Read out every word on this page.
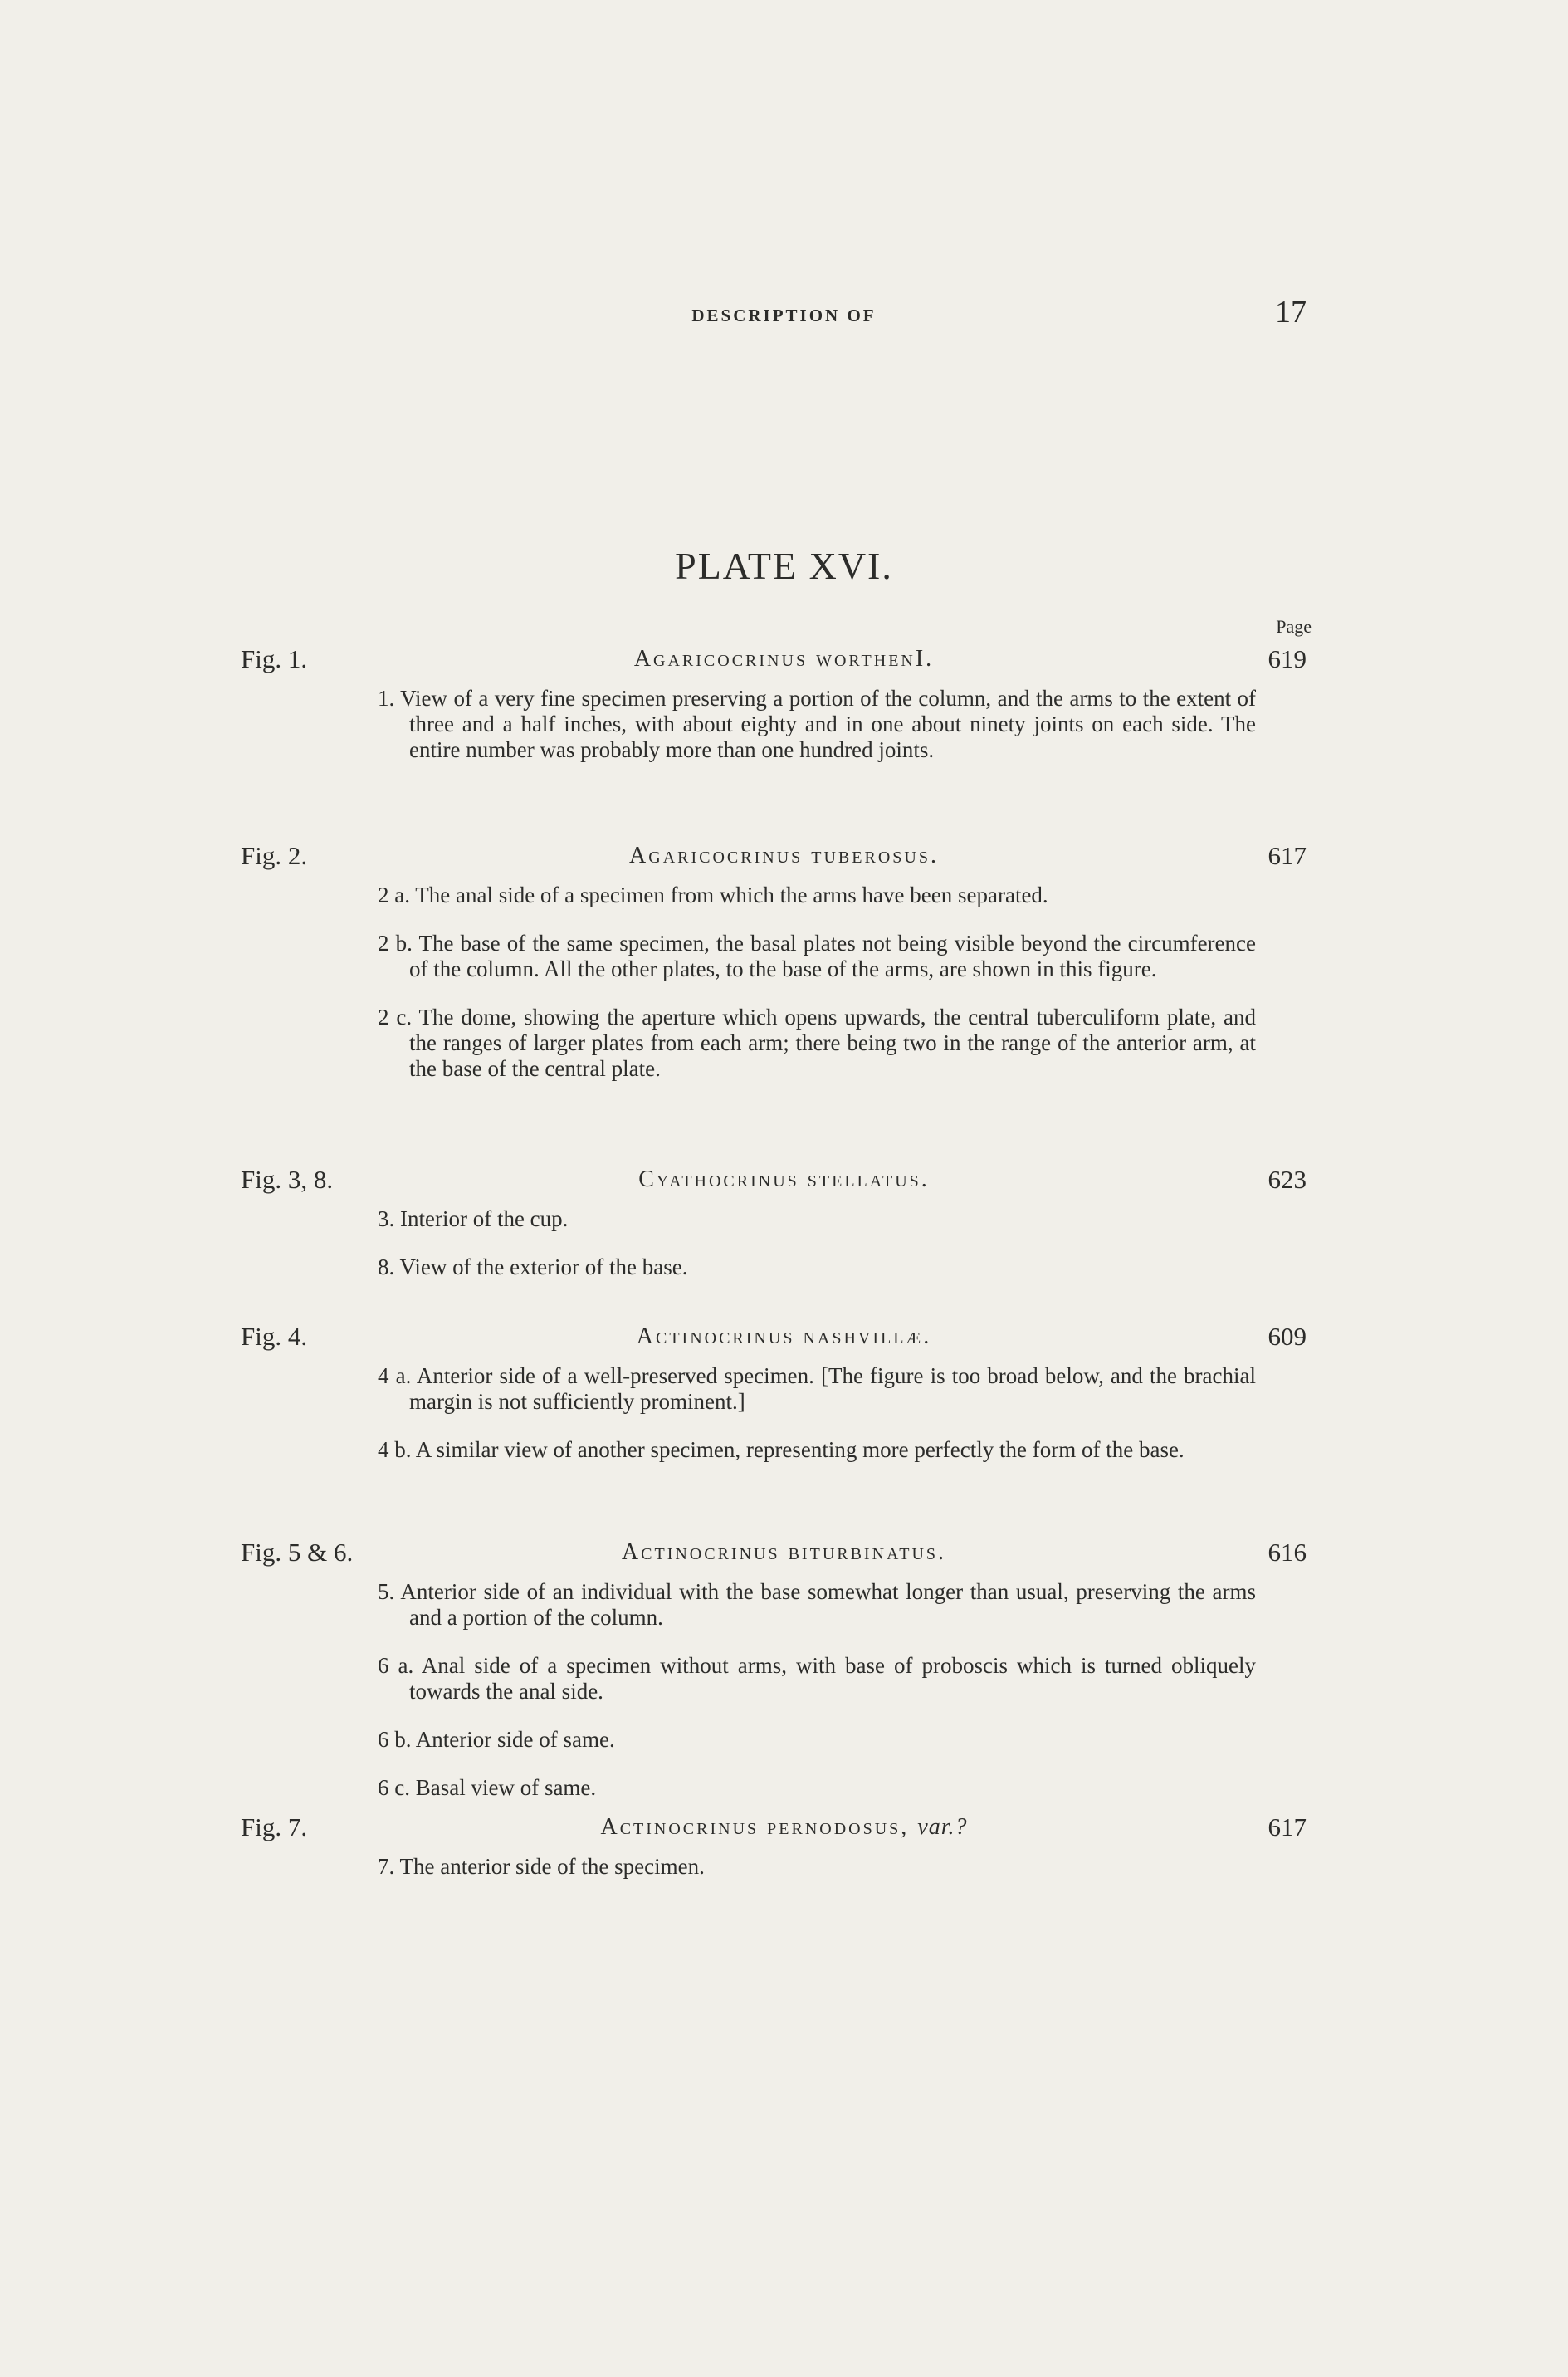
DESCRIPTION OF	17
PLATE XVI.
Page
Fig. 1.	Agaricocrinus worthenI.	619

1. View of a very fine specimen preserving a portion of the column, and the arms to the extent of three and a half inches, with about eighty and in one about ninety joints on each side. The entire number was probably more than one hundred joints.

Fig. 2.	Agaricocrinus tuberosus.	617

2 a. The anal side of a specimen from which the arms have been separated.

2 b. The base of the same specimen, the basal plates not being visible beyond the circumference of the column. All the other plates, to the base of the arms, are shown in this figure.

2 c. The dome, showing the aperture which opens upwards, the central tuberculiform plate, and the ranges of larger plates from each arm; there being two in the range of the anterior arm, at the base of the central plate.

Fig. 3, 8.	Cyathocrinus stellatus.	623

3. Interior of the cup.

8. View of the exterior of the base.

Fig. 4.	Actinocrinus nashvillæ.	609

4 a. Anterior side of a well-preserved specimen. [The figure is too broad below, and the brachial margin is not sufficiently prominent.]

4 b. A similar view of another specimen, representing more perfectly the form of the base.

Fig. 5 & 6.	Actinocrinus biturbinatus.	616

5. Anterior side of an individual with the base somewhat longer than usual, preserving the arms and a portion of the column.

6 a. Anal side of a specimen without arms, with base of proboscis which is turned obliquely towards the anal side.

6 b. Anterior side of same.

6 c. Basal view of same.

Fig. 7.	Actinocrinus pernodosus, var.?	617

7. The anterior side of the specimen.
